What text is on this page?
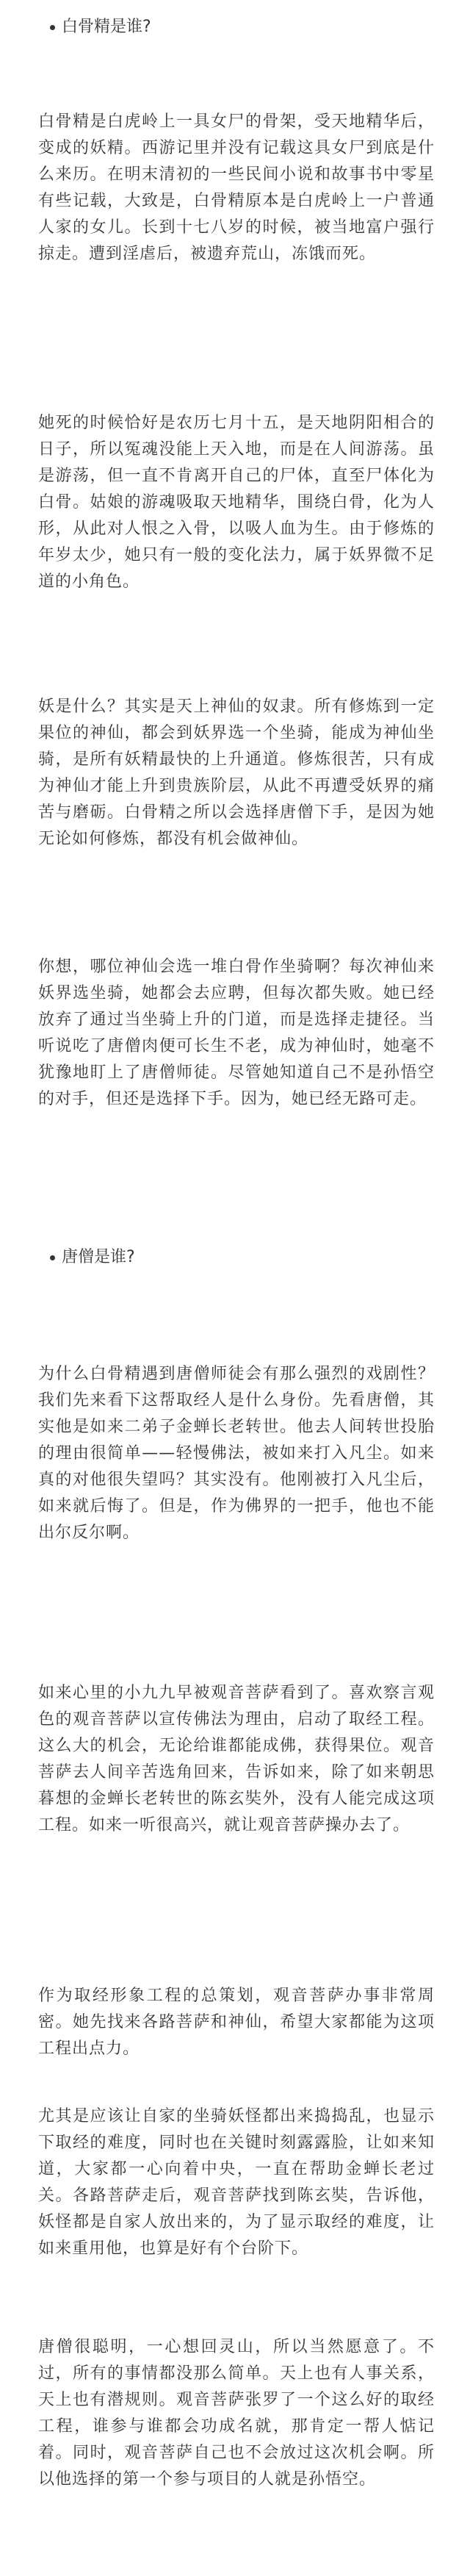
白骨精是谁?

白骨精是白虎岭上一具女尸的骨架，受天地精华后，变成的妖精。西游记里并没有记载这具女尸到底是什么来历。在明末清初的一些民间小说和故事书中零星有些记载，大致是，白骨精原本是白虎岭上一户普通人家的女儿。长到十七八岁的时候，被当地富户强行掠走。遭到淫虐后，被遗弃荒山，冻饿而死。

她死的时候恰好是农历七月十五，是天地阴阳相合的日子，所以冤魂没能上天入地，而是在人间游荡。虽是游荡，但一直不肯离开自己的尸体，直至尸体化为白骨。姑娘的游魂吸取天地精华，围绕白骨，化为人形，从此对人恨之入骨，以吸人血为生。由于修炼的年岁太少，她只有一般的变化法力，属于妖界微不足道的小角色。

妖是什么？其实是天上神仙的奴隶。所有修炼到一定果位的神仙，都会到妖界选一个坐骑，能成为神仙坐骑，是所有妖精最快的上升通道。修炼很苦，只有成为神仙才能上升到贵族阶层，从此不再遭受妖界的痛苦与磨砺。白骨精之所以会选择唐僧下手，是因为她无论如何修炼，都没有机会做神仙。

你想，哪位神仙会选一堆白骨作坐骑啊？每次神仙来妖界选坐骑，她都会去应聘，但每次都失败。她已经放弃了通过当坐骑上升的门道，而是选择走捷径。当听说吃了唐僧肉便可长生不老，成为神仙时，她毫不犹豫地盯上了唐僧师徒。尽管她知道自己不是孙悟空的对手，但还是选择下手。因为，她已经无路可走。

唐僧是谁?

为什么白骨精遇到唐僧师徒会有那么强烈的戏剧性？我们先来看下这帮取经人是什么身份。先看唐僧，其实他是如来二弟子金蝉长老转世。他去人间转世投胎的理由很简单——轻慢佛法，被如来打入凡尘。如来真的对他很失望吗？其实没有。他刚被打入凡尘后，如来就后悔了。但是，作为佛界的一把手，他也不能出尔反尔啊。

如来心里的小九九早被观音菩萨看到了。喜欢察言观色的观音菩萨以宣传佛法为理由，启动了取经工程。这么大的机会，无论给谁都能成佛，获得果位。观音菩萨去人间辛苦选角回来，告诉如来，除了如来朝思暮想的金蝉长老转世的陈玄奘外，没有人能完成这项工程。如来一听很高兴，就让观音菩萨操办去了。

作为取经形象工程的总策划，观音菩萨办事非常周密。她先找来各路菩萨和神仙，希望大家都能为这项工程出点力。

尤其是应该让自家的坐骑妖怪都出来捣捣乱，也显示下取经的难度，同时也在关键时刻露露脸，让如来知道，大家都一心向着中央，一直在帮助金蝉长老过关。各路菩萨走后，观音菩萨找到陈玄奘，告诉他，妖怪都是自家人放出来的，为了显示取经的难度，让如来重用他，也算是好有个台阶下。

唐僧很聪明，一心想回灵山，所以当然愿意了。不过，所有的事情都没那么简单。天上也有人事关系，天上也有潜规则。观音菩萨张罗了一个这么好的取经工程，谁参与谁都会功成名就，那肯定一帮人惦记着。同时，观音菩萨自己也不会放过这次机会啊。所以他选择的第一个参与项目的人就是孙悟空。
